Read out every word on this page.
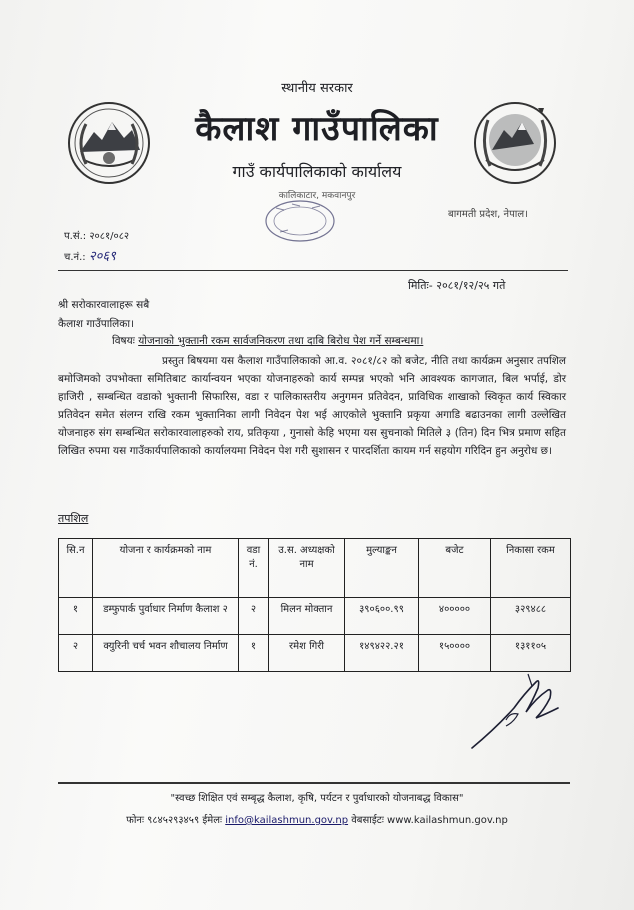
स्थानीय सरकार
कैलाश गाउँपालिका
गाउँ कार्यपालिकाको कार्यालय
कालिकाटार, मकवानपुर
बागमती प्रदेश, नेपाल।
प.सं.: २०८१/०८२
च.नं.: २०६९
मितिः- २०८१/१२/२५ गते
श्री सरोकारवालाहरू सबै
कैलाश गाउँपालिका।
विषयः योजनाको भुक्तानी रकम सार्वजनिकरण तथा दाबि बिरोध पेश गर्ने सम्बन्धमा।
प्रस्तुत बिषयमा यस कैलाश गाउँपालिकाको आ.व. २०८१/८२ को बजेट, नीति तथा कार्यक्रम अनुसार तपशिल बमोजिमको उपभोक्ता समितिबाट कार्यान्वयन भएका योजनाहरुको कार्य सम्पन्न भएको भनि आवश्यक कागजात, बिल भर्पाई, डोर हाजिरी , सम्बन्धित वडाको भुक्तानी सिफारिस, वडा र पालिकास्तरीय अनुगमन प्रतिवेदन, प्राविधिक शाखाको स्विकृत कार्य स्विकार प्रतिवेदन समेत संलग्न राखि रकम भुक्तानिका लागी निवेदन पेश भई आएकोले भुक्तानि प्रकृया अगाडि बढाउनका लागी उल्लेखित योजनाहरु संग सम्बन्धित सरोकारवालाहरुको राय, प्रतिकृया , गुनासो केहि भएमा यस सुचनाको मितिले ३ (तिन) दिन भित्र प्रमाण सहित लिखित रुपमा यस गाउँकार्यपालिकाको कार्यालयमा निवेदन पेश गरी सुशासन र पारदर्शिता कायम गर्न सहयोग गरिदिन हुन अनुरोध छ।
तपशिल
सि.न	योजना र कार्यक्रमको नाम	वडा नं.	उ.स. अध्यक्षको नाम	मुल्याङ्कन	बजेट	निकासा रकम
१	डम्फुपार्क पुर्वाधार निर्माण कैलाश २	२	मिलन मोक्तान	३९०६००.९९	४०००००	३२९४८८
२	क्युरिनी चर्च भवन शौचालय निर्माण	१	रमेश गिरी	१४९४२२.२१	१५००००	१३११०५
"स्वच्छ शिक्षित एवं सम्बृद्ध कैलाश, कृषि, पर्यटन र पुर्वाधारको योजनाबद्ध विकास"
फोनः ९८४५२९३४५९ ईमेलः info@kailashmun.gov.np वेबसाईटः www.kailashmun.gov.np
